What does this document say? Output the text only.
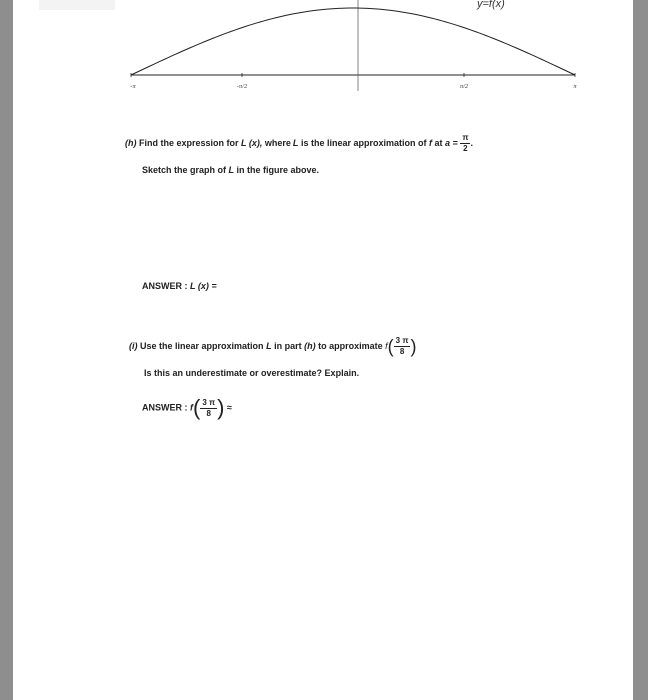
-π	-π/2	π/2	π
y=f(x)
(h) Find the expression for L (x), where L is the linear approximation of f at $a = \frac{\pi}{2}$ .
Sketch the graph of L in the figure above.
ANSWER : L (x) =
(i) Use the linear approximation L in part (h) to approximate $f( \frac{3 \pi}{8}$ )
Is this an underestimate or overestimate? Explain.
ANSWER : $f( \frac{3 \pi}{8}$ ) ≈
